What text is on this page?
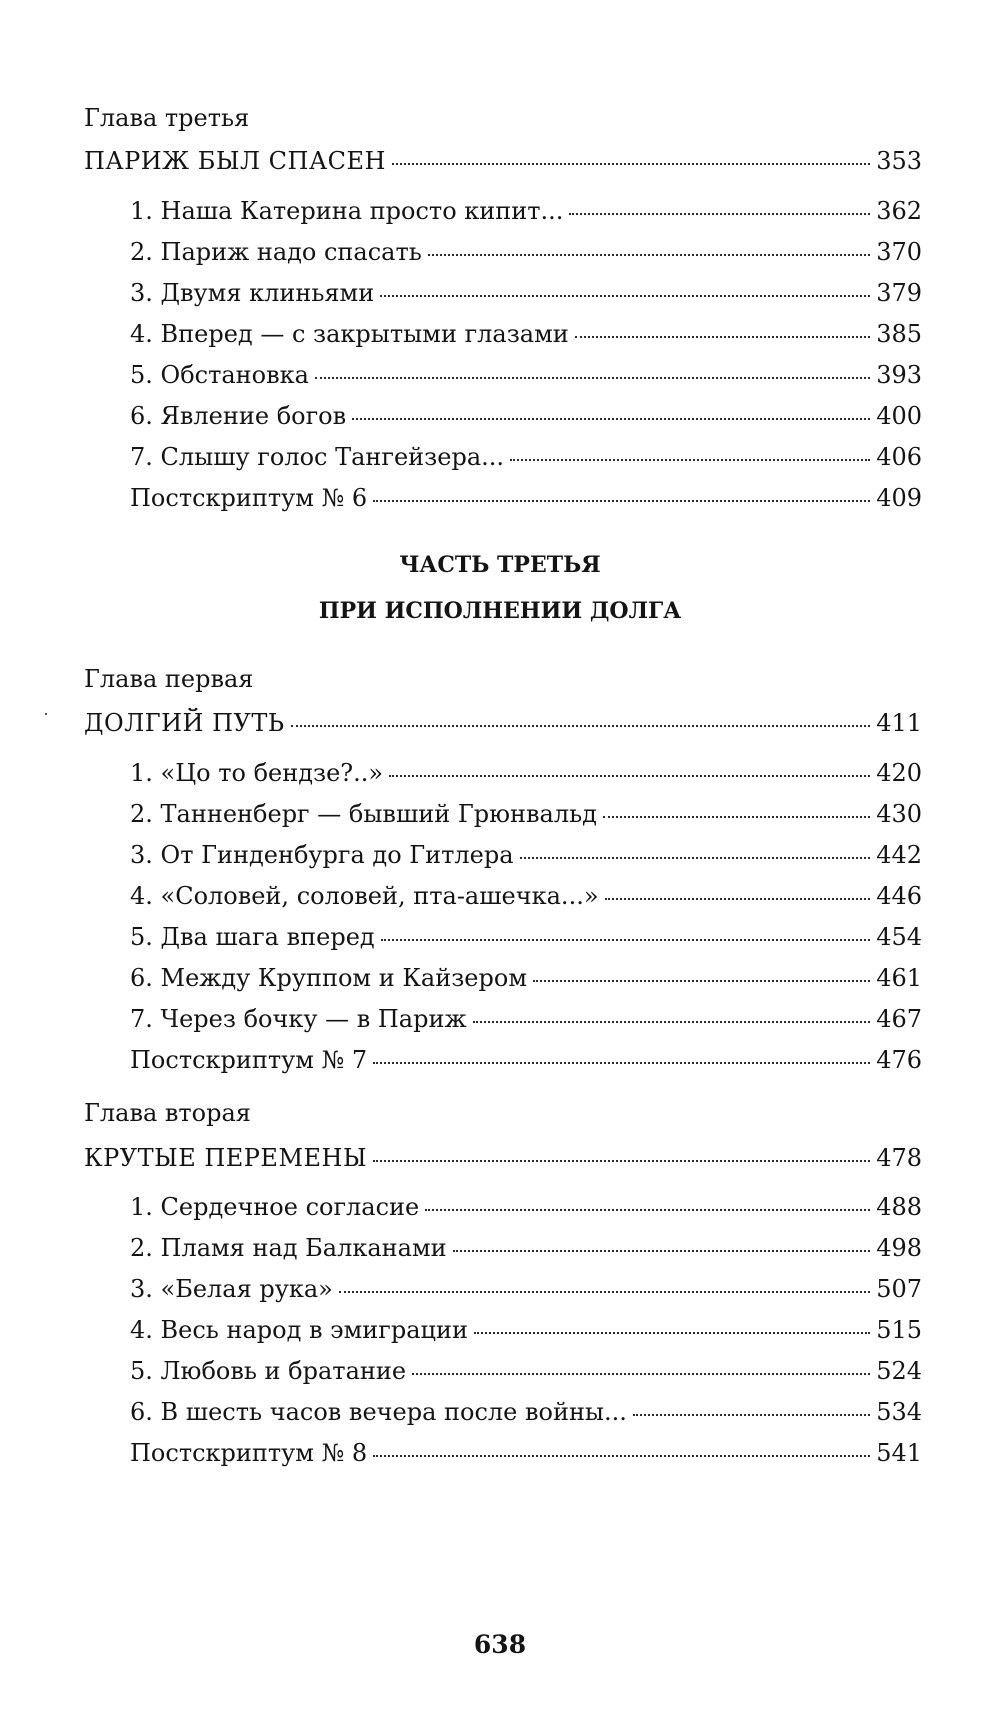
Глава третья
ПАРИЖ БЫЛ СПАСЕН	353
1. Наша Катерина просто кипит...	362
2. Париж надо спасать	370
3. Двумя клиньями	379
4. Вперед — с закрытыми глазами	385
5. Обстановка	393
6. Явление богов	400
7. Слышу голос Тангейзера...	406
Постскриптум № 6	409
ЧАСТЬ ТРЕТЬЯ
ПРИ ИСПОЛНЕНИИ ДОЛГА
Глава первая
ДОЛГИЙ ПУТЬ	411
1. «Цо то бендзе?..»	420
2. Танненберг — бывший Грюнвальд	430
3. От Гинденбурга до Гитлера	442
4. «Соловей, соловей, пта-ашечка...»	446
5. Два шага вперед	454
6. Между Круппом и Кайзером	461
7. Через бочку — в Париж	467
Постскриптум № 7	476
Глава вторая
КРУТЫЕ ПЕРЕМЕНЫ	478
1. Сердечное согласие	488
2. Пламя над Балканами	498
3. «Белая рука»	507
4. Весь народ в эмиграции	515
5. Любовь и братание	524
6. В шесть часов вечера после войны...	534
Постскриптум № 8	541
638
